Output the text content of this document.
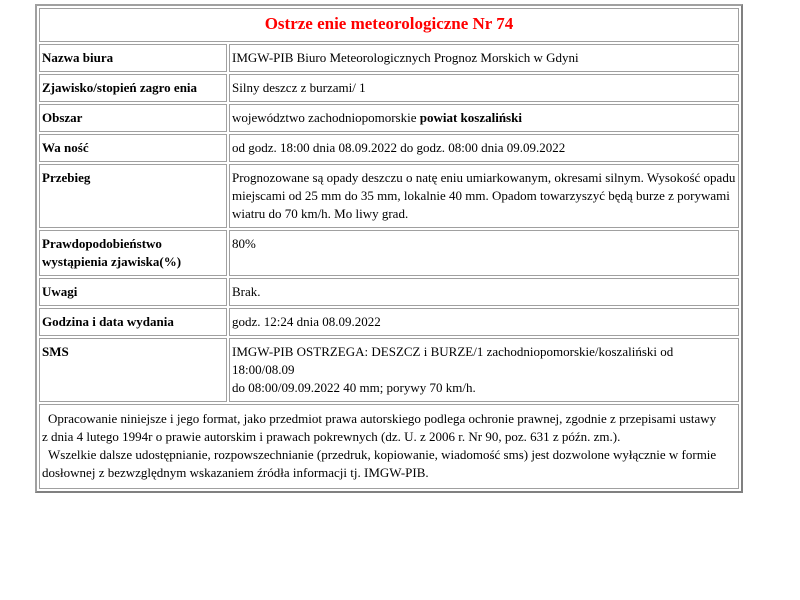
Ostrze enie meteorologiczne Nr 74	
Nazwa biura	IMGW-PIB Biuro Meteorologicznych Prognoz Morskich w Gdyni
Zjawisko/stopień zagro enia	Silny deszcz z burzami/ 1
Obszar	województwo zachodniopomorskie powiat koszaliński
Wa ność	od godz. 18:00 dnia 08.09.2022 do godz. 08:00 dnia 09.09.2022
Przebieg	Prognozowane są opady deszczu o natę eniu umiarkowanym, okresami silnym. Wysokość opadu
miejscami od 25 mm do 35 mm, lokalnie 40 mm. Opadom towarzyszyć będą burze z porywami
wiatru do 70 km/h. Mo liwy grad.

Prawdopodobieństwo
wystąpienia zjawiska(%)	80%
Uwagi	Brak.
Godzina i data wydania	godz. 12:24 dnia 08.09.2022
SMS	IMGW-PIB OSTRZEGA: DESZCZ i BURZE/1 zachodniopomorskie/koszaliński od 18:00/08.09
do 08:00/09.09.2022 40 mm; porywy 70 km/h.

Opracowanie niniejsze i jego format, jako przedmiot prawa autorskiego podlega ochronie prawnej, zgodnie z przepisami ustawy
z dnia 4 lutego 1994r o prawie autorskim i prawach pokrewnych (dz. U. z 2006 r. Nr 90, poz. 631 z późn. zm.).
Wszelkie dalsze udostępnianie, rozpowszechnianie (przedruk, kopiowanie, wiadomość sms) jest dozwolone wyłącznie w formie
dosłownej z bezwzględnym wskazaniem źródła informacji tj. IMGW-PIB.	
